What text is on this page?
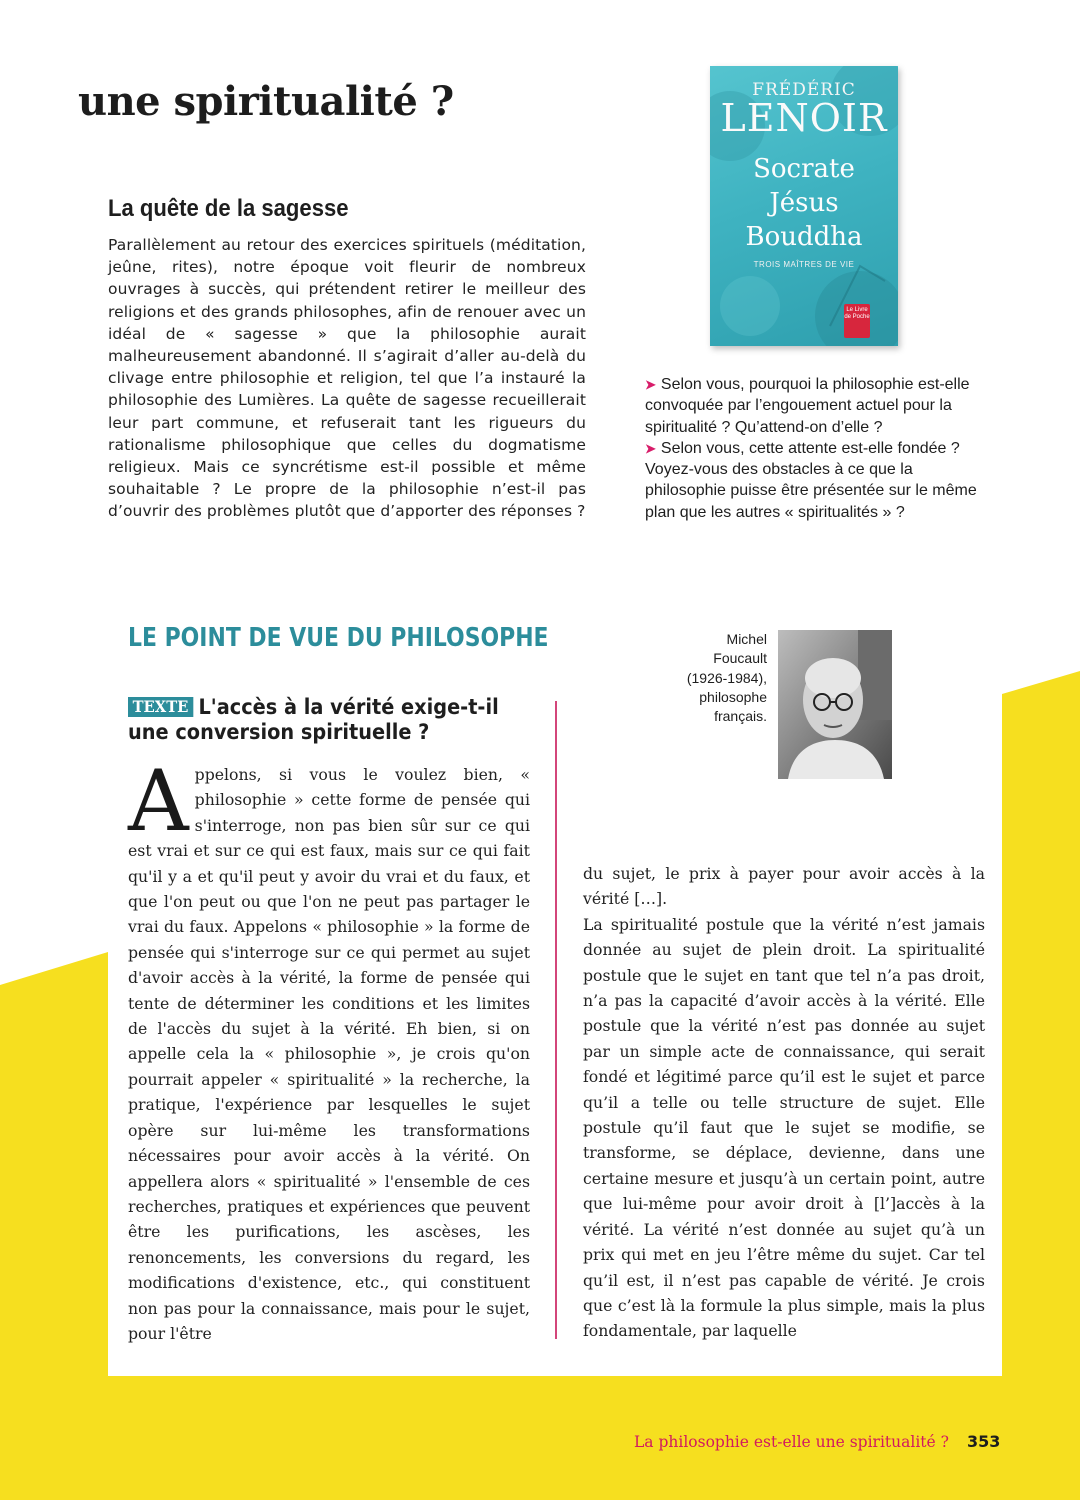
une spiritualité ?
La quête de la sagesse

Parallèlement au retour des exercices spirituels (méditation, jeûne, rites), notre époque voit fleurir de nombreux ouvrages à succès, qui prétendent retirer le meilleur des religions et des grands philosophes, afin de renouer avec un idéal de « sagesse » que la philosophie aurait malheureusement abandonné. Il s’agirait d’aller au-delà du clivage entre philosophie et religion, tel que l’a instauré la philosophie des Lumières. La quête de sagesse recueillerait leur part commune, et refuserait tant les rigueurs du rationalisme philosophique que celles du dogmatisme religieux. Mais ce syncrétisme est-il possible et même souhaitable ? Le propre de la philosophie n’est-il pas d’ouvrir des problèmes plutôt que d’apporter des réponses ?

FRÉDÉRIC
LENOIR
Socrate
Jésus
Bouddha
TROIS MAÎTRES DE VIE
Le Livre de Poche

➤ Selon vous, pourquoi la philosophie est-elle convoquée par l’engouement actuel pour la spiritualité ? Qu’attend-on d’elle ?

➤ Selon vous, cette attente est-elle fondée ? Voyez-vous des obstacles à ce que la philosophie puisse être présentée sur le même plan que les autres « spiritualités » ?

LE POINT DE VUE DU PHILOSOPHE
TEXTE L'accès à la vérité exige-t-il une conversion spirituelle ?

Michel
Foucault
(1926-1984),
philosophe
français.

Appelons, si vous le voulez bien, « philosophie » cette forme de pensée qui s'interroge, non pas bien sûr sur ce qui est vrai et sur ce qui est faux, mais sur ce qui fait qu'il y a et qu'il peut y avoir du vrai et du faux, et que l'on peut ou que l'on ne peut pas partager le vrai du faux. Appelons « philosophie » la forme de pensée qui s'interroge sur ce qui permet au sujet d'avoir accès à la vérité, la forme de pensée qui tente de déterminer les conditions et les limites de l'accès du sujet à la vérité. Eh bien, si on appelle cela la « philosophie », je crois qu'on pourrait appeler « spiritualité » la recherche, la pratique, l'expérience par lesquelles le sujet opère sur lui-même les transformations nécessaires pour avoir accès à la vérité. On appellera alors « spiritualité » l'ensemble de ces recherches, pratiques et expériences que peuvent être les purifications, les ascèses, les renoncements, les conversions du regard, les modifications d'existence, etc., qui constituent non pas pour la connaissance, mais pour le sujet, pour l'être

du sujet, le prix à payer pour avoir accès à la vérité […].

La spiritualité postule que la vérité n’est jamais donnée au sujet de plein droit. La spiritualité postule que le sujet en tant que tel n’a pas droit, n’a pas la capacité d’avoir accès à la vérité. Elle postule que la vérité n’est pas donnée au sujet par un simple acte de connaissance, qui serait fondé et légitimé parce qu’il est le sujet et parce qu’il a telle ou telle structure de sujet. Elle postule qu’il faut que le sujet se modifie, se transforme, se déplace, devienne, dans une certaine mesure et jusqu’à un certain point, autre que lui-même pour avoir droit à [l’]accès à la vérité. La vérité n’est donnée au sujet qu’à un prix qui met en jeu l’être même du sujet. Car tel qu’il est, il n’est pas capable de vérité. Je crois que c’est là la formule la plus simple, mais la plus fondamentale, par laquelle

La philosophie est-elle une spiritualité ? 353
